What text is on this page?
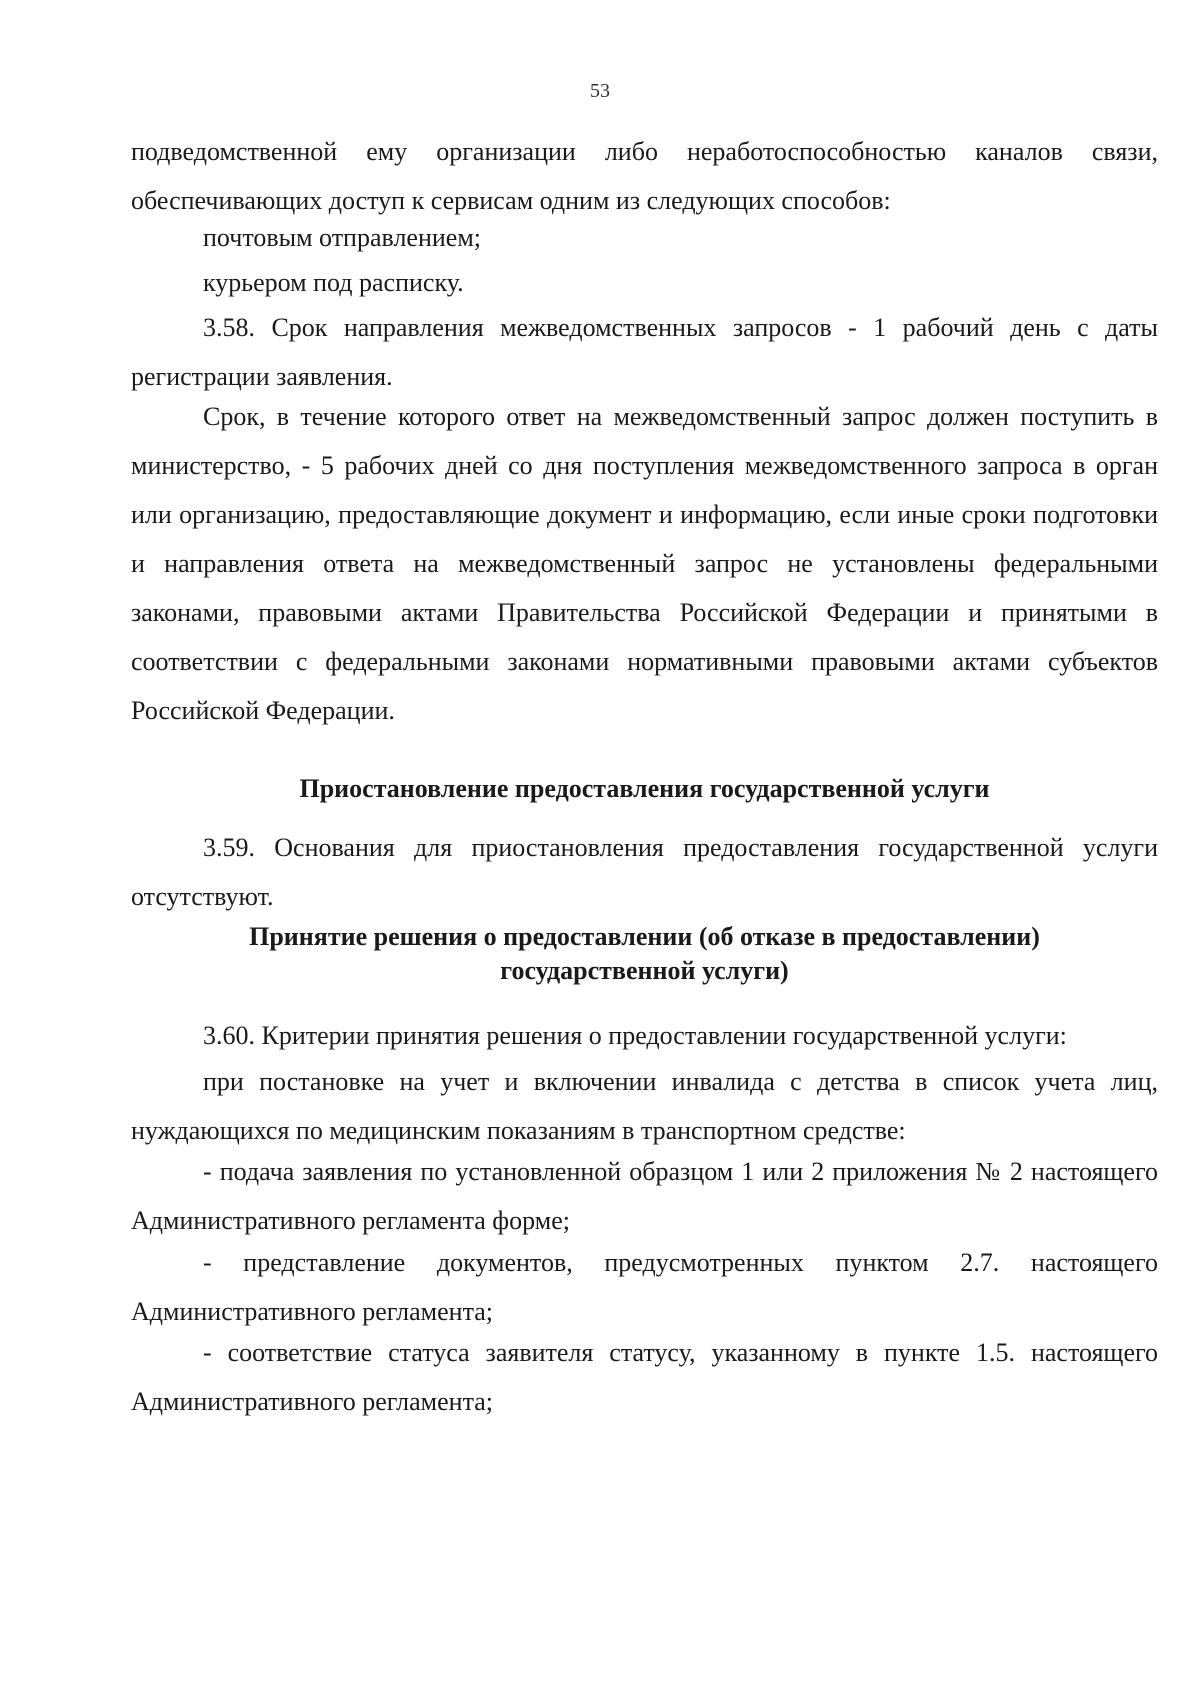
53
подведомственной ему организации либо неработоспособностью каналов связи, обеспечивающих доступ к сервисам одним из следующих способов:
почтовым отправлением;
курьером под расписку.
3.58. Срок направления межведомственных запросов - 1 рабочий день с даты регистрации заявления.
Срок, в течение которого ответ на межведомственный запрос должен поступить в министерство, - 5 рабочих дней со дня поступления межведомственного запроса в орган или организацию, предоставляющие документ и информацию, если иные сроки подготовки и направления ответа на межведомственный запрос не установлены федеральными законами, правовыми актами Правительства Российской Федерации и принятыми в соответствии с федеральными законами нормативными правовыми актами субъектов Российской Федерации.
Приостановление предоставления государственной услуги
3.59. Основания для приостановления предоставления государственной услуги отсутствуют.
Принятие решения о предоставлении (об отказе в предоставлении)
государственной услуги)
3.60. Критерии принятия решения о предоставлении государственной услуги:
при постановке на учет и включении инвалида с детства в список учета лиц, нуждающихся по медицинским показаниям в транспортном средстве:
- подача заявления по установленной образцом 1 или 2 приложения № 2 настоящего Административного регламента форме;
- представление документов, предусмотренных пунктом 2.7. настоящего Административного регламента;
- соответствие статуса заявителя статусу, указанному в пункте 1.5. настоящего Административного регламента;
